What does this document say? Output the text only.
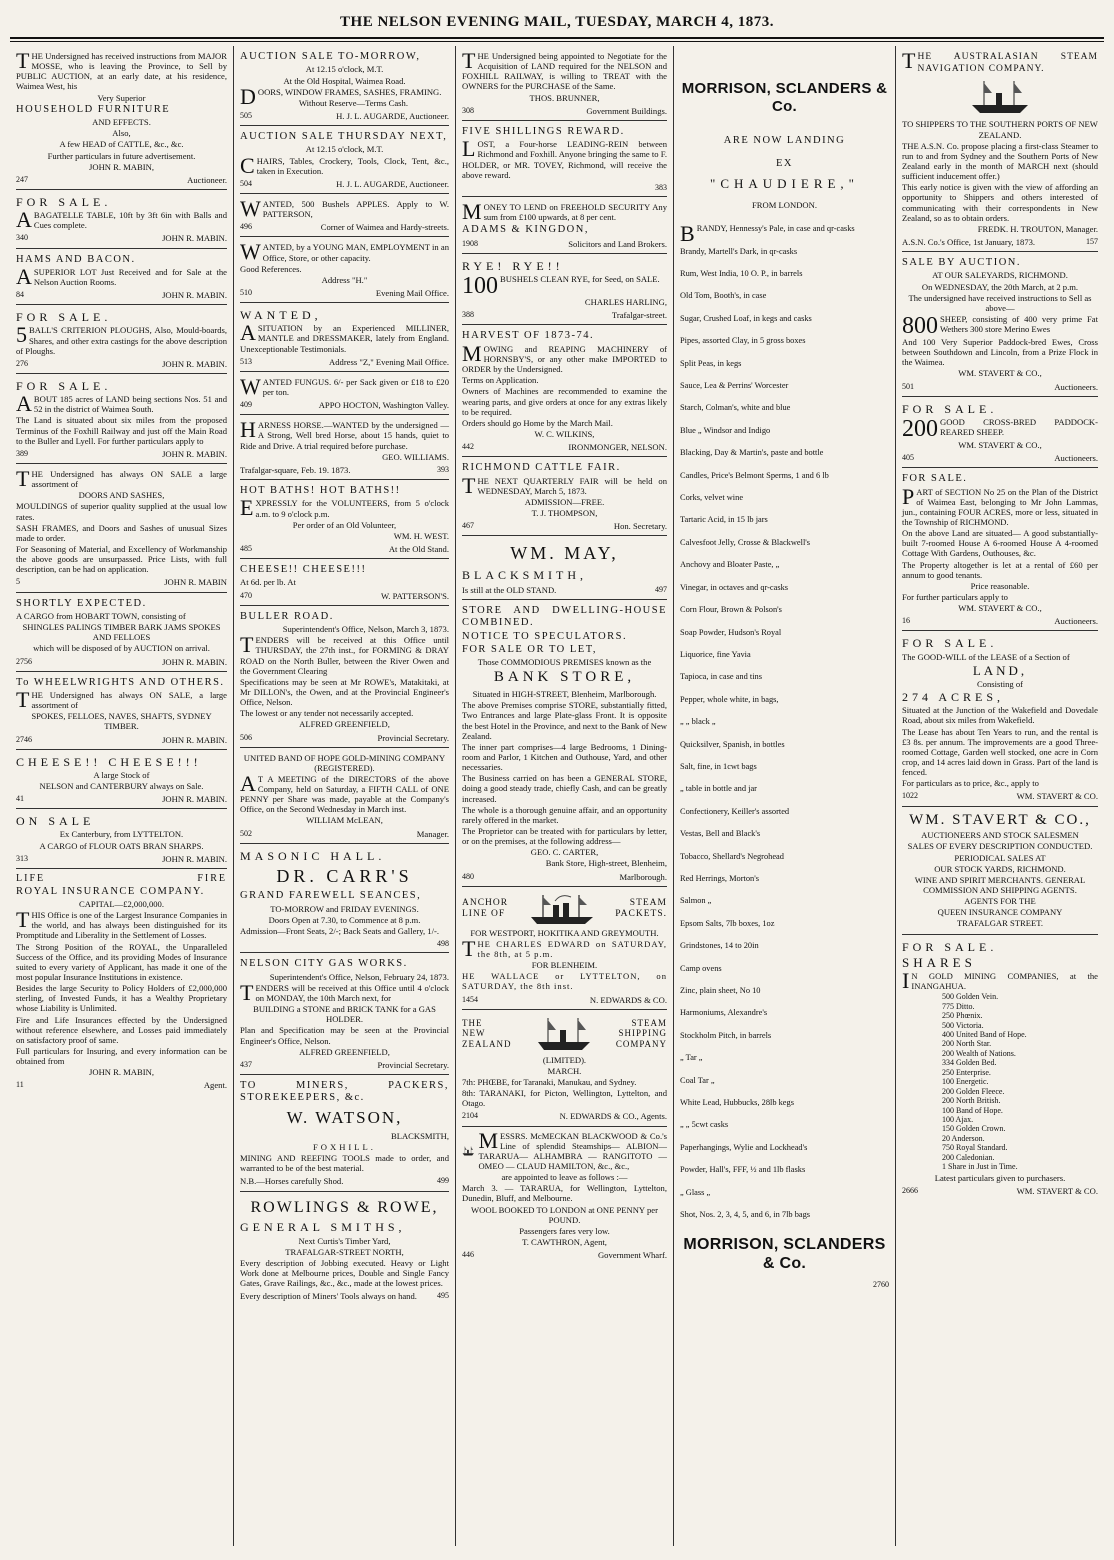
THE NELSON EVENING MAIL, TUESDAY, MARCH 4, 1873.

THE Undersigned has received instructions from MAJOR MOSSE, who is leaving the Province, to Sell by PUBLIC AUCTION, at an early date, at his residence, Waimea West, his

Very Superior

HOUSEHOLD FURNITURE

AND EFFECTS.

Also,

A few HEAD of CATTLE, &c., &c.

Further particulars in future advertisement.

JOHN R. MABIN,

247	Auctioneer.

FOR SALE.

ABAGATELLE TABLE, 10ft by 3ft 6in with Balls and Cues complete.

340	JOHN R. MABIN.

HAMS AND BACON.

ASUPERIOR LOT Just Received and for Sale at the Nelson Auction Rooms.

84	JOHN R. MABIN.

FOR SALE.

5 BALL'S CRITERION PLOUGHS, Also, Mould-boards, Shares, and other extra castings for the above description of Ploughs.

276	JOHN R. MABIN.

FOR SALE.

ABOUT 185 acres of LAND being sections Nos. 51 and 52 in the district of Waimea South.

The Land is situated about six miles from the proposed Terminus of the Foxhill Railway and just off the Main Road to the Buller and Lyell. For further particulars apply to

389	JOHN R. MABIN.

THE Undersigned has always ON SALE a large assortment of

DOORS AND SASHES,

MOULDINGS of superior quality supplied at the usual low rates.

SASH FRAMES, and Doors and Sashes of unusual Sizes made to order.

For Seasoning of Material, and Excellency of Workmanship the above goods are unsurpassed. Price Lists, with full description, can be had on application.

5	JOHN R. MABIN

SHORTLY EXPECTED.

A CARGO from HOBART TOWN, consisting of

SHINGLES PALINGS TIMBER BARK JAMS SPOKES AND FELLOES

which will be disposed of by AUCTION on arrival.

2756	JOHN R. MABIN.

To WHEELWRIGHTS AND OTHERS.

THE Undersigned has always ON SALE, a large assortment of

SPOKES, FELLOES, NAVES, SHAFTS, SYDNEY TIMBER.

2746	JOHN R. MABIN.

CHEESE!! CHEESE!!!

A large Stock of

NELSON and CANTERBURY always on Sale.

41	JOHN R. MABIN.

ON SALE

Ex Canterbury, from LYTTELTON.

A CARGO of FLOUR OATS BRAN SHARPS.

313	JOHN R. MABIN.
LIFE	FIRE

ROYAL INSURANCE COMPANY.

CAPITAL—£2,000,000.

THIS Office is one of the Largest Insurance Companies in the world, and has always been distinguished for its Promptitude and Liberality in the Settlement of Losses.

The Strong Position of the ROYAL, the Unparalleled Success of the Office, and its providing Modes of Insurance suited to every variety of Applicant, has made it one of the most popular Insurance Institutions in existence.

Besides the large Security to Policy Holders of £2,000,000 sterling, of Invested Funds, it has a Wealthy Proprietary whose Liability is Unlimited.

Fire and Life Insurances effected by the Undersigned without reference elsewhere, and Losses paid immediately on satisfactory proof of same.

Full particulars for Insuring, and every information can be obtained from

JOHN R. MABIN,

11	Agent.

AUCTION SALE TO-MORROW,

At 12.15 o'clock, M.T.

At the Old Hospital, Waimea Road.

DOORS, WINDOW FRAMES, SASHES, FRAMING.

Without Reserve—Terms Cash.

505	H. J. L. AUGARDE, Auctioneer.

AUCTION SALE THURSDAY NEXT,

At 12.15 o'clock, M.T.

CHAIRS, Tables, Crockery, Tools, Clock, Tent, &c., taken in Execution.

504	H. J. L. AUGARDE, Auctioneer.

WANTED, 500 Bushels APPLES. Apply to W. PATTERSON,

496	Corner of Waimea and Hardy-streets.

WANTED, by a YOUNG MAN, EMPLOYMENT in an Office, Store, or other capacity.

Good References.

Address "H."

510	Evening Mail Office.

WANTED,

ASITUATION by an Experienced MILLINER, MANTLE and DRESSMAKER, lately from England. Unexceptionable Testimonials.

513	Address "Z," Evening Mail Office.

WANTED FUNGUS. 6/- per Sack given or £18 to £20 per ton.

409	APPO HOCTON, Washington Valley.

HARNESS HORSE.—WANTED by the undersigned — A Strong, Well bred Horse, about 15 hands, quiet to Ride and Drive. A trial required before purchase.

GEO. WILLIAMS.

Trafalgar-square, Feb. 19. 1873.	393

HOT BATHS! HOT BATHS!!

EXPRESSLY for the VOLUNTEERS, from 5 o'clock a.m. to 9 o'clock p.m.

Per order of an Old Volunteer,

WM. H. WEST.

485	At the Old Stand.

CHEESE!! CHEESE!!!

At 6d. per lb. At

470	W. PATTERSON'S.

BULLER ROAD.

Superintendent's Office, Nelson, March 3, 1873.

TENDERS will be received at this Office until THURSDAY, the 27th inst., for FORMING & DRAY ROAD on the North Buller, between the River Owen and the Government Clearing

Specifications may be seen at Mr ROWE's, Matakitaki, at Mr DILLON's, the Owen, and at the Provincial Engineer's Office, Nelson.

The lowest or any tender not necessarily accepted.

ALFRED GREENFIELD,

506	Provincial Secretary.

UNITED BAND OF HOPE GOLD-MINING COMPANY (REGISTERED).

A T A MEETING of the DIRECTORS of the above Company, held on Saturday, a FIFTH CALL of ONE PENNY per Share was made, payable at the Company's Office, on the Second Wednesday in March inst.

WILLIAM McLEAN,

502	Manager.

MASONIC HALL.

DR. CARR'S

GRAND FAREWELL SEANCES,

TO-MORROW and FRIDAY EVENINGS.

Doors Open at 7.30, to Commence at 8 p.m.

Admission—Front Seats, 2/-; Back Seats and Gallery, 1/-.

498

NELSON CITY GAS WORKS.

Superintendent's Office, Nelson, February 24, 1873.

TENDERS will be received at this Office until 4 o'clock on MONDAY, the 10th March next, for

BUILDING a STONE and BRICK TANK for a GAS HOLDER.

Plan and Specification may be seen at the Provincial Engineer's Office, Nelson.

ALFRED GREENFIELD,

437	Provincial Secretary.

TO MINERS, PACKERS, STOREKEEPERS, &c.

W. WATSON,

BLACKSMITH,

FOXHILL.

MINING AND REEFING TOOLS made to order, and warranted to be of the best material.

N.B.—Horses carefully Shod.	499

ROWLINGS & ROWE,

GENERAL SMITHS,

Next Curtis's Timber Yard,

TRAFALGAR-STREET NORTH,

Every description of Jobbing executed. Heavy or Light Work done at Melbourne prices, Double and Single Fancy Gates, Grave Railings, &c., &c., made at the lowest prices.

Every description of Miners' Tools always on hand.	495

THE Undersigned being appointed to Negotiate for the Acquisition of LAND required for the NELSON and FOXHILL RAILWAY, is willing to TREAT with the OWNERS for the PURCHASE of the Same.

THOS. BRUNNER,

308	Government Buildings.

FIVE SHILLINGS REWARD.

LOST, a Four-horse LEADING-REIN between Richmond and Foxhill. Anyone bringing the same to F. HOLDER, or MR. TOVEY, Richmond, will receive the above reward.

383

MONEY TO LEND on FREEHOLD SECURITY Any sum from £100 upwards, at 8 per cent.

ADAMS & KINGDON,

1908	Solicitors and Land Brokers.

RYE! RYE!!

100 BUSHELS CLEAN RYE, for Seed, on SALE.

CHARLES HARLING,

388	Trafalgar-street.

HARVEST OF 1873-74.

MOWING and REAPING MACHINERY of HORNSBY'S, or any other make IMPORTED to ORDER by the Undersigned.

Terms on Application.

Owners of Machines are recommended to examine the wearing parts, and give orders at once for any extras likely to be required.

Orders should go Home by the March Mail.

W. C. WILKINS,

442	IRONMONGER, NELSON.

RICHMOND CATTLE FAIR.

THE NEXT QUARTERLY FAIR will be held on WEDNESDAY, March 5, 1873.

ADMISSION—FREE.

T. J. THOMPSON,

467	Hon. Secretary.

WM. MAY,

BLACKSMITH,

Is still at the OLD STAND.	497

STORE AND DWELLING-HOUSE COMBINED.

NOTICE TO SPECULATORS.

FOR SALE OR TO LET,

Those COMMODIOUS PREMISES known as the

BANK STORE,

Situated in HIGH-STREET, Blenheim, Marlborough.

The above Premises comprise STORE, substantially fitted, Two Entrances and large Plate-glass Front. It is opposite the best Hotel in the Province, and next to the Bank of New Zealand.

The inner part comprises—4 large Bedrooms, 1 Dining-room and Parlor, 1 Kitchen and Outhouse, Yard, and other necessaries.

The Business carried on has been a GENERAL STORE, doing a good steady trade, chiefly Cash, and can be greatly increased.

The whole is a thorough genuine affair, and an opportunity rarely offered in the market.

The Proprietor can be treated with for particulars by letter, or on the premises, at the following address—

GEO. C. CARTER,

Bank Store, High-street, Blenheim,

480	Marlborough.
ANCHOR
LINE OF
STEAM
PACKETS.

FOR WESTPORT, HOKITIKA AND GREYMOUTH.

THE CHARLES EDWARD on SATURDAY, the 8th, at 5 p.m.

FOR BLENHEIM.

HE WALLACE or LYTTELTON, on SATURDAY, the 8th inst.

1454	N. EDWARDS & CO.
THE
NEW
ZEALAND
STEAM
SHIPPING
COMPANY

(LIMITED).

MARCH.

7th: PHŒBE, for Taranaki, Manukau, and Sydney.

8th: TARANAKI, for Picton, Wellington, Lyttelton, and Otago.

2104	N. EDWARDS & CO., Agents.

MESSRS. McMECKAN BLACKWOOD & Co.'s Line of splendid Steamships— ALBION— TARARUA— ALHAMBRA — RANGITOTO — OMEO — CLAUD HAMILTON, &c., &c.,

are appointed to leave as follows :—

March 3. — TARARUA, for Wellington, Lyttelton, Dunedin, Bluff, and Melbourne.

WOOL BOOKED TO LONDON at ONE PENNY per POUND.

Passengers fares very low.

T. CAWTHRON, Agent,

446	Government Wharf.
MORRISON, SCLANDERS & Co.

ARE NOW LANDING

EX

"CHAUDIERE,"

FROM LONDON.

BRANDY, Hennessy's Pale, in case and qr-casks

Brandy, Martell's Dark, in qr-casks

Rum, West India, 10 O. P., in barrels

Old Tom, Booth's, in case

Sugar, Crushed Loaf, in kegs and casks

Pipes, assorted Clay, in 5 gross boxes

Split Peas, in kegs

Sauce, Lea & Perrins' Worcester

Starch, Colman's, white and blue

Blue „ Windsor and Indigo

Blacking, Day & Martin's, paste and bottle

Candles, Price's Belmont Sperms, 1 and 6 lb

Corks, velvet wine

Tartaric Acid, in 15 lb jars

Calvesfoot Jelly, Crosse & Blackwell's

Anchovy and Bloater Paste, „

Vinegar, in octaves and qr-casks

Corn Flour, Brown & Polson's

Soap Powder, Hudson's Royal

Liquorice, fine Yavia

Tapioca, in case and tins

Pepper, whole white, in bags,

„ „ black „

Quicksilver, Spanish, in bottles

Salt, fine, in 1cwt bags

„ table in bottle and jar

Confectionery, Keiller's assorted

Vestas, Bell and Black's

Tobacco, Shellard's Negrohead

Red Herrings, Morton's

Salmon „

Epsom Salts, 7lb boxes, 1oz

Grindstones, 14 to 20in

Camp ovens

Zinc, plain sheet, No 10

Harmoniums, Alexandre's

Stockholm Pitch, in barrels

„ Tar „

Coal Tar „

White Lead, Hubbucks, 28lb kegs

„ „ 5cwt casks

Paperhangings, Wylie and Lockhead's

Powder, Hall's, FFF, ½ and 1lb flasks

„ Glass „

Shot, Nos. 2, 3, 4, 5, and 6, in 7lb bags

MORRISON, SCLANDERS & Co.
2760

THE AUSTRALASIAN STEAM NAVIGATION COMPANY.

TO SHIPPERS TO THE SOUTHERN PORTS OF NEW ZEALAND.

THE A.S.N. Co. propose placing a first-class Steamer to run to and from Sydney and the Southern Ports of New Zealand early in the month of MARCH next (should sufficient inducement offer.)

This early notice is given with the view of affording an opportunity to Shippers and others interested of communicating with their correspondents in New Zealand, so as to obtain orders.

FREDK. H. TROUTON, Manager.

A.S.N. Co.'s Office, 1st January, 1873.	157

SALE BY AUCTION.

AT OUR SALEYARDS, RICHMOND.

On WEDNESDAY, the 20th March, at 2 p.m.

The undersigned have received instructions to Sell as above—

800 SHEEP, consisting of 400 very prime Fat Wethers 300 store Merino Ewes

And 100 Very Superior Paddock-bred Ewes, Cross between Southdown and Lincoln, from a Prize Flock in the Waimea.

WM. STAVERT & CO.,

501	Auctioneers.

FOR SALE.

200 GOOD CROSS-BRED PADDOCK-REARED SHEEP.

WM. STAVERT & CO.,

405	Auctioneers.

FOR SALE.

PART of SECTION No 25 on the Plan of the District of Waimea East, belonging to Mr John Lammas, jun., containing FOUR ACRES, more or less, situated in the Township of RICHMOND.

On the above Land are situated— A good substantially-built 7-roomed House A 6-roomed House A 4-roomed Cottage With Gardens, Outhouses, &c.

The Property altogether is let at a rental of £60 per annum to good tenants.

Price reasonable.

For further particulars apply to

WM. STAVERT & CO.,

16	Auctioneers.

FOR SALE.

The GOOD-WILL of the LEASE of a Section of

LAND,

Consisting of

274 ACRES,

Situated at the Junction of the Wakefield and Dovedale Road, about six miles from Wakefield.

The Lease has about Ten Years to run, and the rental is £3 8s. per annum. The improvements are a good Three-roomed Cottage, Garden well stocked, one acre in Corn crop, and 14 acres laid down in Grass. Part of the land is fenced.

For particulars as to price, &c., apply to

1022	WM. STAVERT & CO.

WM. STAVERT & CO.,

AUCTIONEERS AND STOCK SALESMEN

SALES OF EVERY DESCRIPTION CONDUCTED.

PERIODICAL SALES AT

OUR STOCK YARDS, RICHMOND.

WINE AND SPIRIT MERCHANTS. GENERAL COMMISSION AND SHIPPING AGENTS.

AGENTS FOR THE

QUEEN INSURANCE COMPANY

TRAFALGAR STREET.

FOR SALE.

SHARES

I N GOLD MINING COMPANIES, at the INANGAHUA.

500 Golden Vein.

775 Ditto.

250 Phœnix.

500 Victoria.

400 United Band of Hope.

200 North Star.

200 Wealth of Nations.

334 Golden Bed.

250 Enterprise.

100 Energetic.

200 Golden Fleece.

200 North British.

100 Band of Hope.

100 Ajax.

150 Golden Crown.

20 Anderson.

750 Royal Standard.

200 Caledonian.

1 Share in Just in Time.

Latest particulars given to purchasers.

2666	WM. STAVERT & CO.
